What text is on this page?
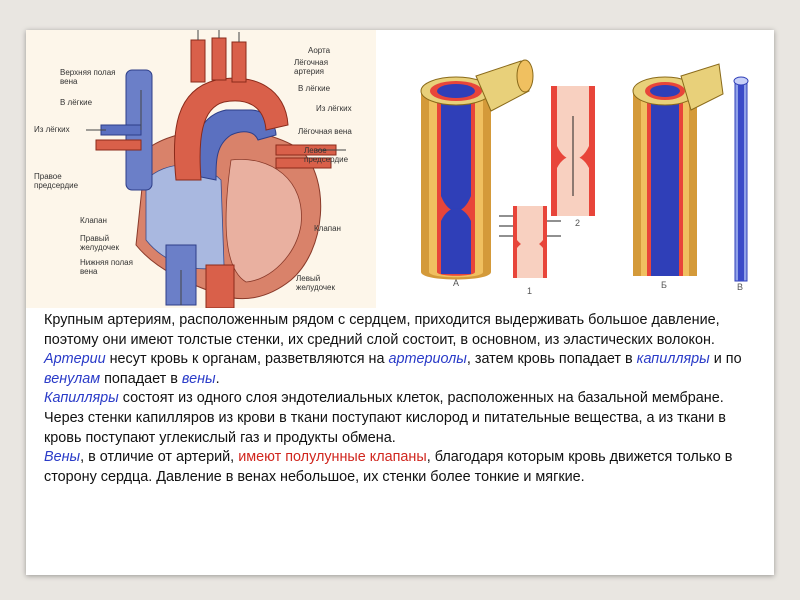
Аорта
Лёгочная артерия
В лёгкие
Из лёгких
Лёгочная вена
Левое предсердие
Клапан
Левый желудочек
Верхняя полая вена
В лёгкие
Из лёгких
Правое предсердие
Клапан
Правый желудочек
Нижняя полая вена
А
1
2
Б	В

Крупным артериям, расположенным рядом с сердцем, приходится выдерживать большое давление, поэтому они имеют толстые стенки, их средний слой состоит, в основном, из эластических волокон. Артерии несут кровь к органам, разветвляются на артериолы, затем кровь попадает в капилляры и по венулам попадает в вены.

Капилляры состоят из одного слоя эндотелиальных клеток, расположенных на базальной мембране. Через стенки капилляров из крови в ткани поступают кислород и питательные вещества, а из ткани в кровь поступают углекислый газ и продукты обмена.

Вены, в отличие от артерий, имеют полулунные клапаны, благодаря которым кровь движется только в сторону сердца. Давление в венах небольшое, их стенки более тонкие и мягкие.
